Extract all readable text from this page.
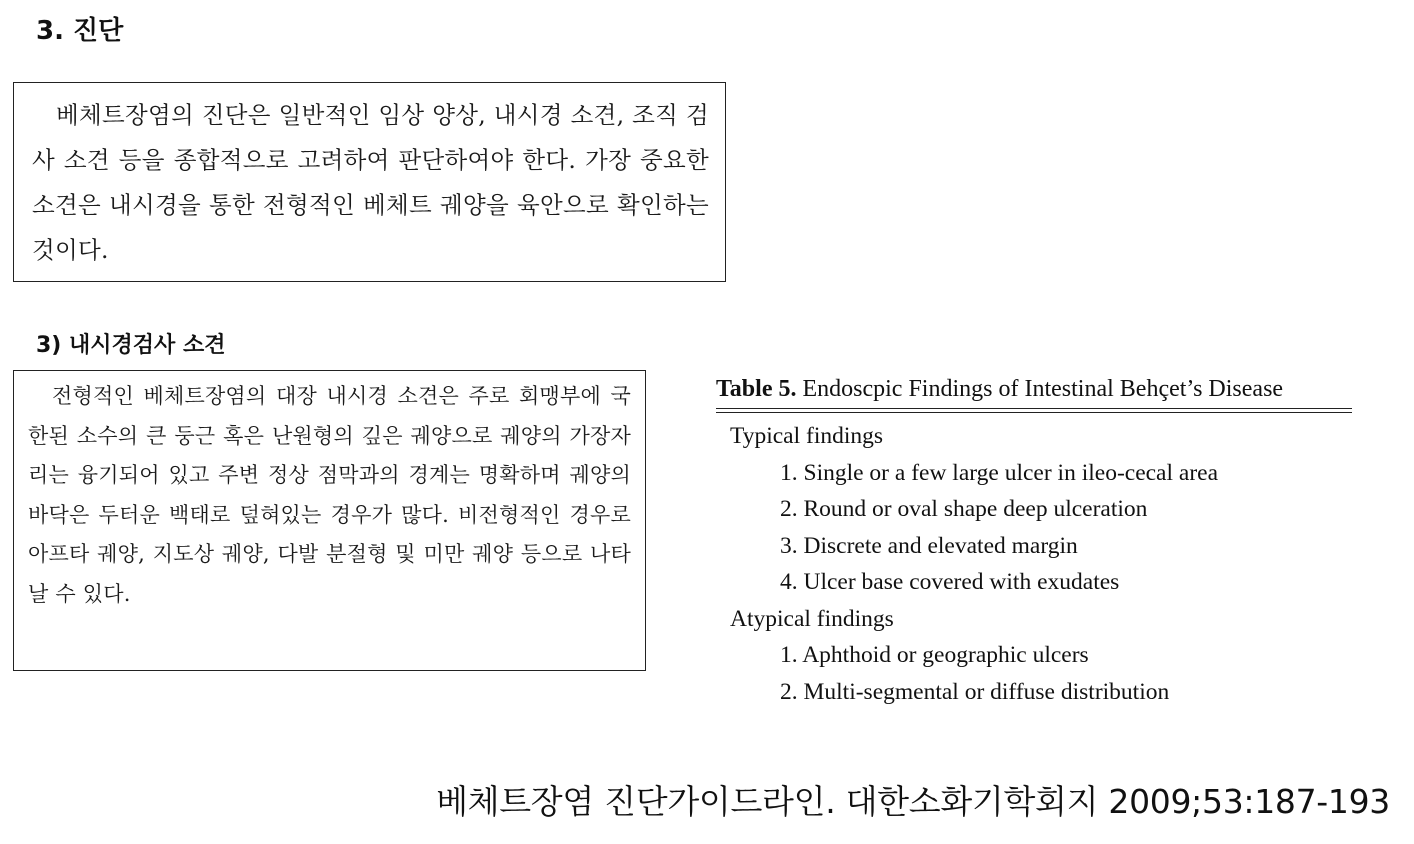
3. 진단

베체트장염의 진단은 일반적인 임상 양상, 내시경 소견, 조직 검사 소견 등을 종합적으로 고려하여 판단하여야 한다. 가장 중요한 소견은 내시경을 통한 전형적인 베체트 궤양을 육안으로 확인하는 것이다.

3) 내시경검사 소견

전형적인 베체트장염의 대장 내시경 소견은 주로 회맹부에 국한된 소수의 큰 둥근 혹은 난원형의 깊은 궤양으로 궤양의 가장자리는 융기되어 있고 주변 정상 점막과의 경계는 명확하며 궤양의 바닥은 두터운 백태로 덮혀있는 경우가 많다. 비전형적인 경우로 아프타 궤양, 지도상 궤양, 다발 분절형 및 미만 궤양 등으로 나타날 수 있다.

Table 5. Endoscpic Findings of Intestinal Behçet’s Disease
Typical findings
1. Single or a few large ulcer in ileo-cecal area
2. Round or oval shape deep ulceration
3. Discrete and elevated margin
4. Ulcer base covered with exudates
Atypical findings
1. Aphthoid or geographic ulcers
2. Multi-segmental or diffuse distribution
베체트장염 진단가이드라인. 대한소화기학회지 2009;53:187-193
